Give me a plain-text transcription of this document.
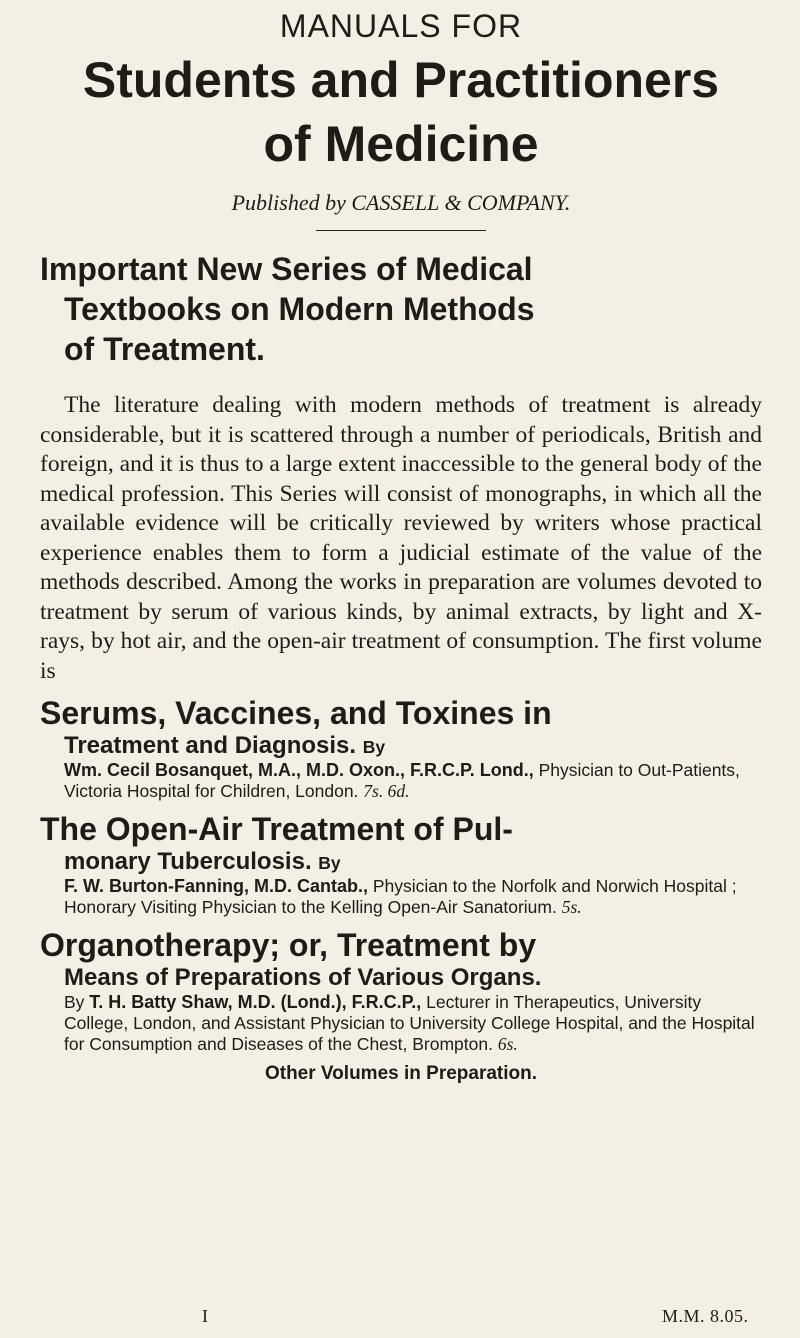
MANUALS FOR
Students and Practitioners
of Medicine
Published by CASSELL & COMPANY.
Important New Series of Medical
Textbooks on Modern Methods
of Treatment.
The literature dealing with modern methods of treatment is already considerable, but it is scattered through a number of periodicals, British and foreign, and it is thus to a large extent inaccessible to the general body of the medical profession. This Series will consist of monographs, in which all the available evidence will be critically reviewed by writers whose practical experience enables them to form a judicial estimate of the value of the methods described. Among the works in preparation are volumes devoted to treatment by serum of various kinds, by animal extracts, by light and X-rays, by hot air, and the open-air treatment of consumption. The first volume is
Serums, Vaccines, and Toxines in
Treatment and Diagnosis. By
Wm. Cecil Bosanquet, M.A., M.D. Oxon., F.R.C.P. Lond., Physician to Out-Patients, Victoria Hospital for Children, London. 7s. 6d.
The Open-Air Treatment of Pul-
monary Tuberculosis. By
F. W. Burton-Fanning, M.D. Cantab., Physician to the Norfolk and Norwich Hospital ; Honorary Visiting Physician to the Kelling Open-Air Sanatorium. 5s.
Organotherapy; or, Treatment by
Means of Preparations of Various Organs.
By T. H. Batty Shaw, M.D. (Lond.), F.R.C.P., Lecturer in Therapeutics, University College, London, and Assistant Physician to University College Hospital, and the Hospital for Consumption and Diseases of the Chest, Brompton. 6s.
Other Volumes in Preparation.
I	M.M. 8.05.
